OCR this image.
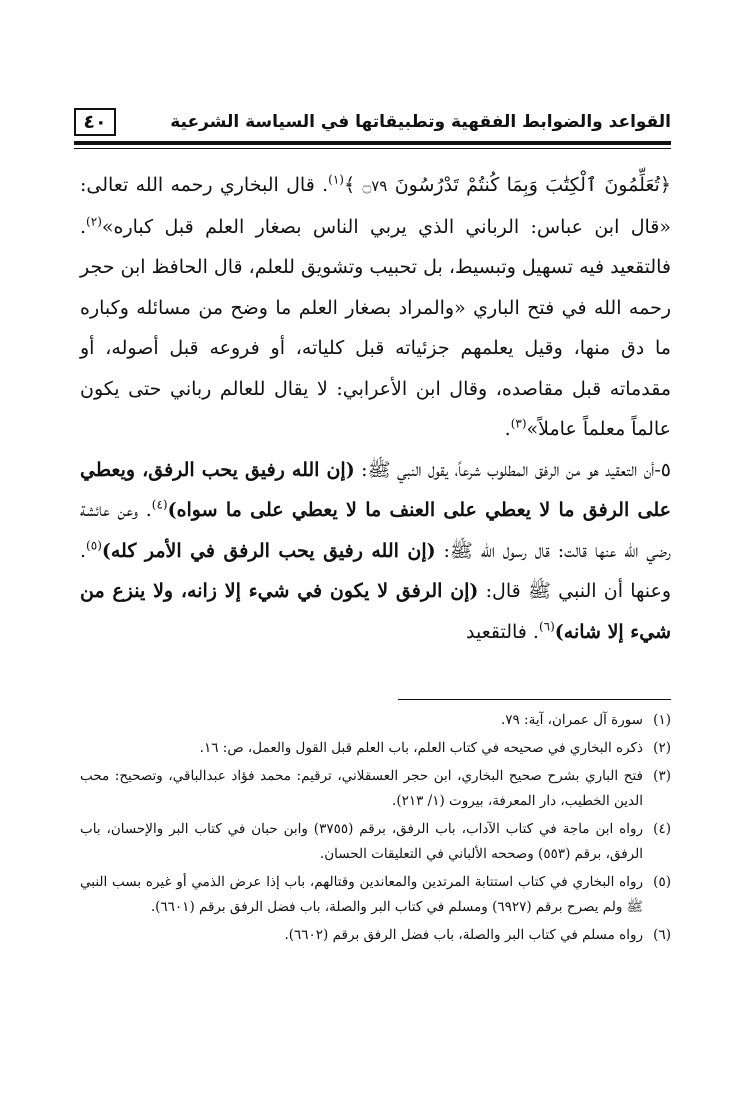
القواعد والضوابط الفقهية وتطبيقاتها في السياسة الشرعية
٤٠

﴿تُعَلِّمُونَ ٱلْكِتَٰبَ وَبِمَا كُنتُمْ تَدْرُسُونَ ۝٧٩ ﴾$^{(١)}$. قال البخاري رحمه الله تعالى: «قال ابن عباس: الرباني الذي يربي الناس بصغار العلم قبل كباره»$^{(٢)}$. فالتقعيد فيه تسهيل وتبسيط، بل تحبيب وتشويق للعلم، قال الحافظ ابن حجر رحمه الله في فتح الباري «والمراد بصغار العلم ما وضح من مسائله وكباره ما دق منها، وقيل يعلمهم جزئياته قبل كلياته، أو فروعه قبل أصوله، أو مقدماته قبل مقاصده، وقال ابن الأعرابي: لا يقال للعالم رباني حتى يكون عالماً معلماً عاملاً»$^{(٣)}$.

٥-أن التعقيد هو من الرفق المطلوب شرعاً، يقول النبي ﷺ: (إن الله رفيق يحب الرفق، ويعطي على الرفق ما لا يعطي على العنف ما لا يعطي على ما سواه)$^{(٤)}$. وعن عائشة رضي الله عنها قالت: قال رسول الله ﷺ: (إن الله رفيق يحب الرفق في الأمر كله)$^{(٥)}$. وعنها أن النبي ﷺ قال: (إن الرفق لا يكون في شيء إلا زانه، ولا ينزع من شيء إلا شانه)$^{(٦)}$. فالتقعيد

(١)
سورة آل عمران، آية: ٧٩.

(٢)
ذكره البخاري في صحيحه في كتاب العلم، باب العلم قبل القول والعمل، ص: ١٦.

(٣)
فتح الباري بشرح صحيح البخاري، ابن حجر العسقلاني، ترقيم: محمد فؤاد عبدالباقي، وتصحيح: محب الدين الخطيب، دار المعرفة، بيروت (١/ ٢١٣).

(٤)
رواه ابن ماجة في كتاب الآداب، باب الرفق، برقم (٣٧٥٥) وابن حبان في كتاب البر والإحسان، باب الرفق، برقم (٥٥٣) وصححه الألباني في التعليقات الحسان.

(٥)
رواه البخاري في كتاب استتابة المرتدين والمعاندين وقتالهم، باب إذا عرض الذمي أو غيره بسب النبي ﷺ ولم يصرح برقم (٦٩٢٧) ومسلم في كتاب البر والصلة، باب فضل الرفق برقم (٦٦٠١).

(٦)
رواه مسلم في كتاب البر والصلة، باب فضل الرفق برقم (٦٦٠٢).
